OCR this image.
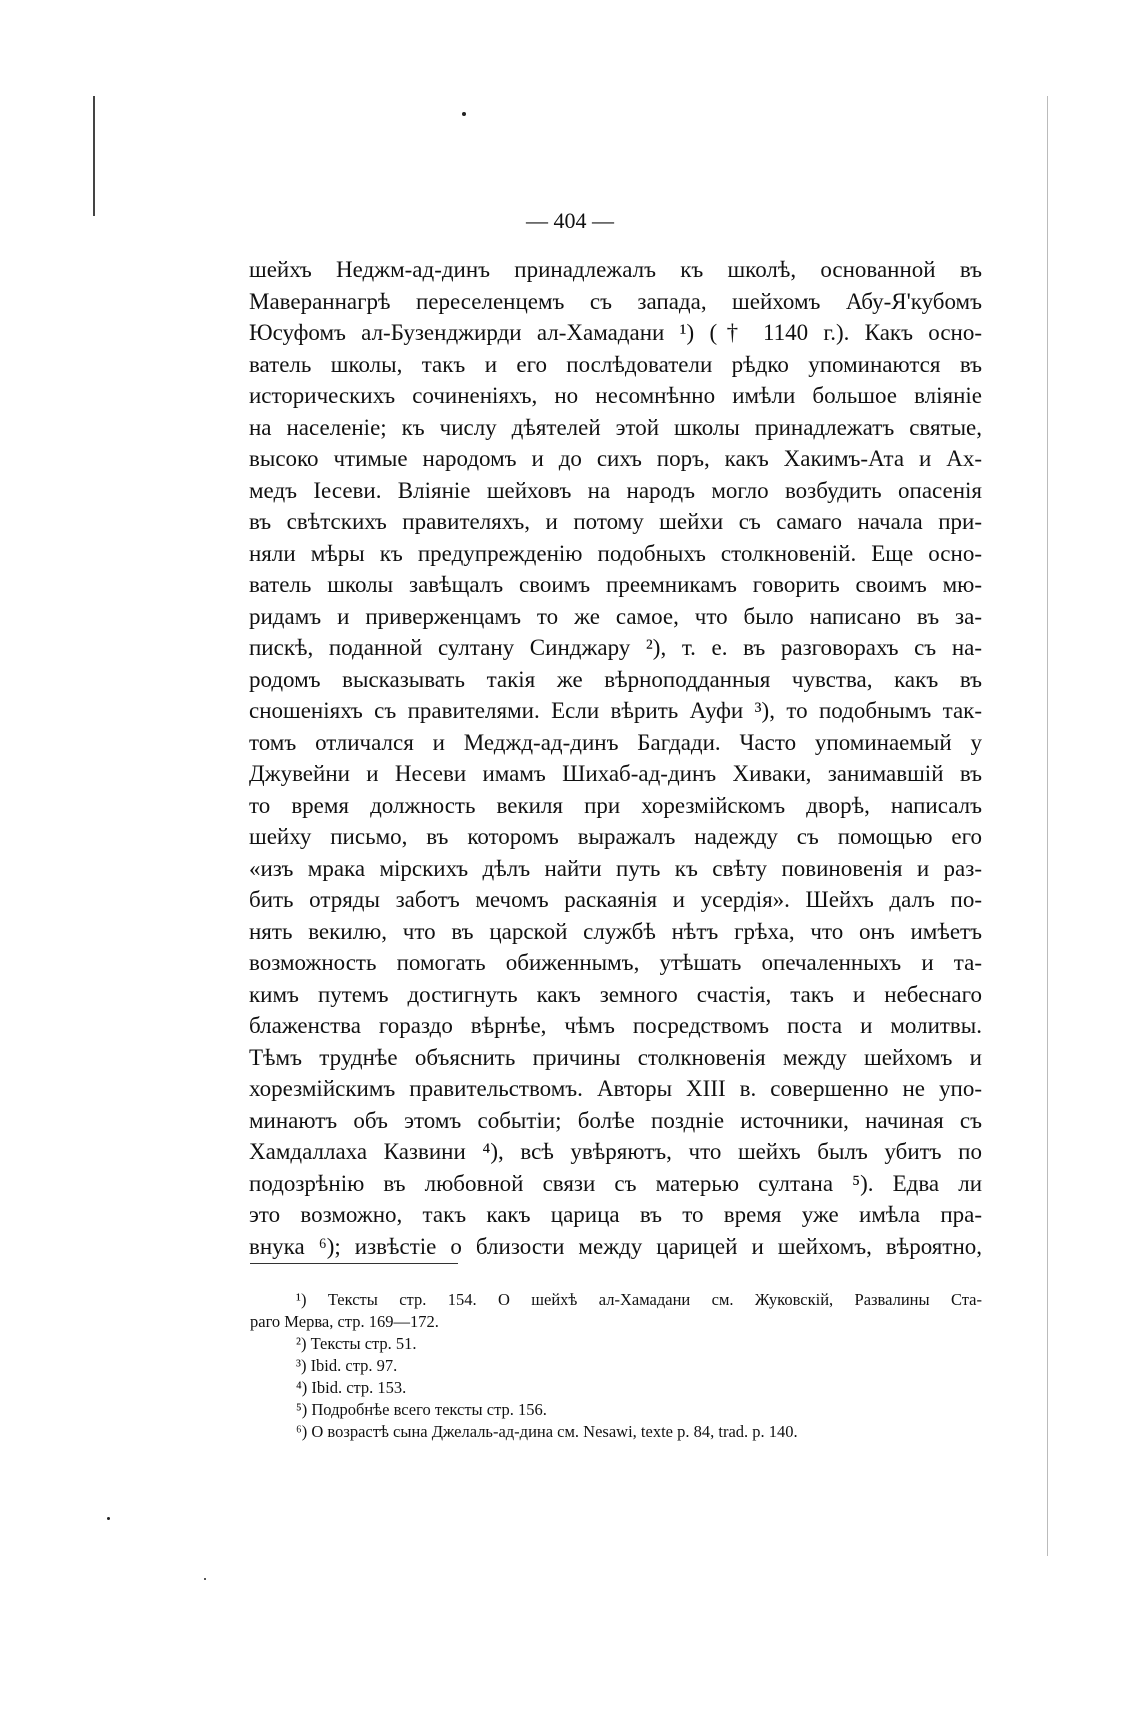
— 404 —
шейхъ Неджм-ад-динъ принадлежалъ къ школѣ, основанной въ
Мавераннагрѣ переселенцемъ съ запада, шейхомъ Абу-Я'кубомъ
Юсуфомъ ал-Бузенджирди ал-Хамадани ¹) († 1140 г.). Какъ осно-
ватель школы, такъ и его послѣдователи рѣдко упоминаются въ
историческихъ сочиненіяхъ, но несомнѣнно имѣли большое вліяніе
на населеніе; къ числу дѣятелей этой школы принадлежатъ святые,
высоко чтимые народомъ и до сихъ поръ, какъ Хакимъ-Ата и Ах-
медъ Іесеви. Вліяніе шейховъ на народъ могло возбудить опасенія
въ свѣтскихъ правителяхъ, и потому шейхи съ самаго начала при-
няли мѣры къ предупрежденію подобныхъ столкновеній. Еще осно-
ватель школы завѣщалъ своимъ преемникамъ говорить своимъ мю-
ридамъ и приверженцамъ то же самое, что было написано въ за-
пискѣ, поданной султану Синджару ²), т. е. въ разговорахъ съ на-
родомъ высказывать такія же вѣрноподданныя чувства, какъ въ
сношеніяхъ съ правителями. Если вѣрить Ауфи ³), то подобнымъ так-
томъ отличался и Меджд-ад-динъ Багдади. Часто упоминаемый у
Джувейни и Несеви имамъ Шихаб-ад-динъ Хиваки, занимавшій въ
то время должность векиля при хорезмійскомъ дворѣ, написалъ
шейху письмо, въ которомъ выражалъ надежду съ помощью его
«изъ мрака мірскихъ дѣлъ найти путь къ свѣту повиновенія и раз-
бить отряды заботъ мечомъ раскаянія и усердія». Шейхъ далъ по-
нять векилю, что въ царской службѣ нѣтъ грѣха, что онъ имѣетъ
возможность помогать обиженнымъ, утѣшать опечаленныхъ и та-
кимъ путемъ достигнуть какъ земного счастія, такъ и небеснаго
блаженства гораздо вѣрнѣе, чѣмъ посредствомъ поста и молитвы.
Тѣмъ труднѣе объяснить причины столкновенія между шейхомъ и
хорезмійскимъ правительствомъ. Авторы XIII в. совершенно не упо-
минаютъ объ этомъ событіи; болѣе поздніе источники, начиная съ
Хамдаллаха Казвини ⁴), всѣ увѣряютъ, что шейхъ былъ убитъ по
подозрѣнію въ любовной связи съ матерью султана ⁵). Едва ли
это возможно, такъ какъ царица въ то время уже имѣла пра-
внука ⁶); извѣстіе о близости между царицей и шейхомъ, вѣроятно,
¹) Тексты стр. 154. О шейхѣ ал-Хамадани см. Жуковскій, Развалины Ста-
раго Мерва, стр. 169—172.
²) Тексты стр. 51.
³) Ibid. стр. 97.
⁴) Ibid. стр. 153.
⁵) Подробнѣе всего тексты стр. 156.
⁶) О возрастѣ сына Джелаль-ад-дина см. Nesawi, texte p. 84, trad. p. 140.
